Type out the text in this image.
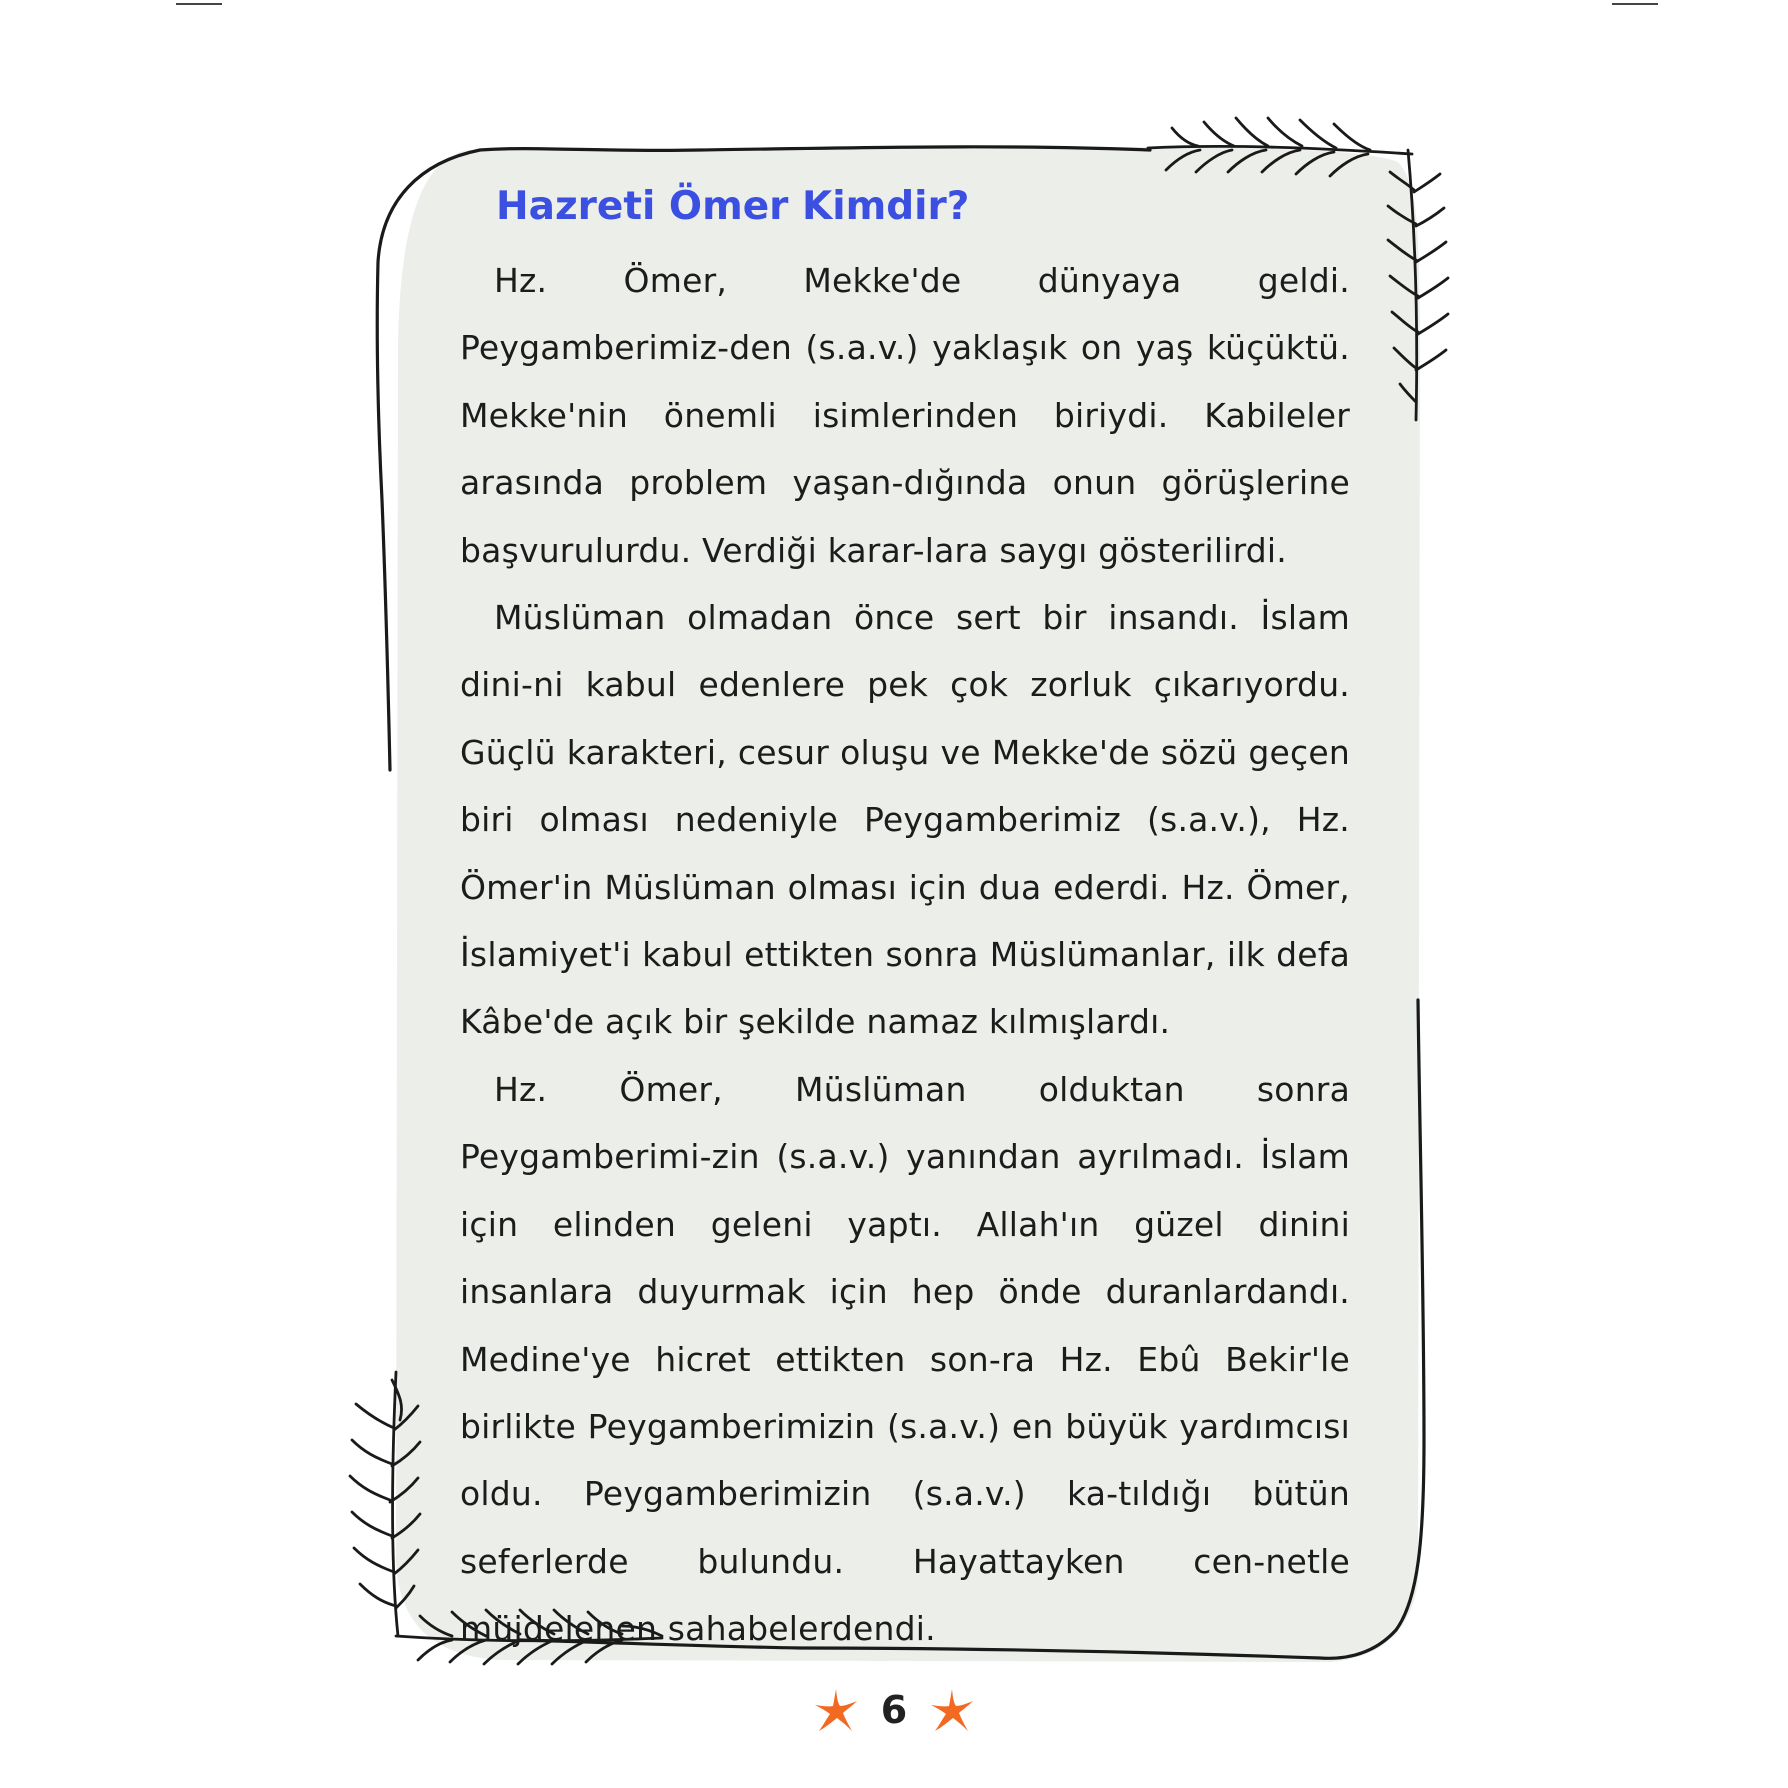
Hazreti Ömer Kimdir?

Hz. Ömer, Mekke'de dünyaya geldi. Peygamberimiz-den (s.a.v.) yaklaşık on yaş küçüktü. Mekke'nin önemli isimlerinden biriydi. Kabileler arasında problem yaşan-dığında onun görüşlerine başvurulurdu. Verdiği karar-lara saygı gösterilirdi.

Müslüman olmadan önce sert bir insandı. İslam dini-ni kabul edenlere pek çok zorluk çıkarıyordu. Güçlü karakteri, cesur oluşu ve Mekke'de sözü geçen biri olması nedeniyle Peygamberimiz (s.a.v.), Hz. Ömer'in Müslüman olması için dua ederdi. Hz. Ömer, İslamiyet'i kabul ettikten sonra Müslümanlar, ilk defa Kâbe'de açık bir şekilde namaz kılmışlardı.

Hz. Ömer, Müslüman olduktan sonra Peygamberimi-zin (s.a.v.) yanından ayrılmadı. İslam için elinden geleni yaptı. Allah'ın güzel dinini insanlara duyurmak için hep önde duranlardandı. Medine'ye hicret ettikten son-ra Hz. Ebû Bekir'le birlikte Peygamberimizin (s.a.v.) en büyük yardımcısı oldu. Peygamberimizin (s.a.v.) ka-tıldığı bütün seferlerde bulundu. Hayattayken cen-netle müjdelenen sahabelerdendi.

6
